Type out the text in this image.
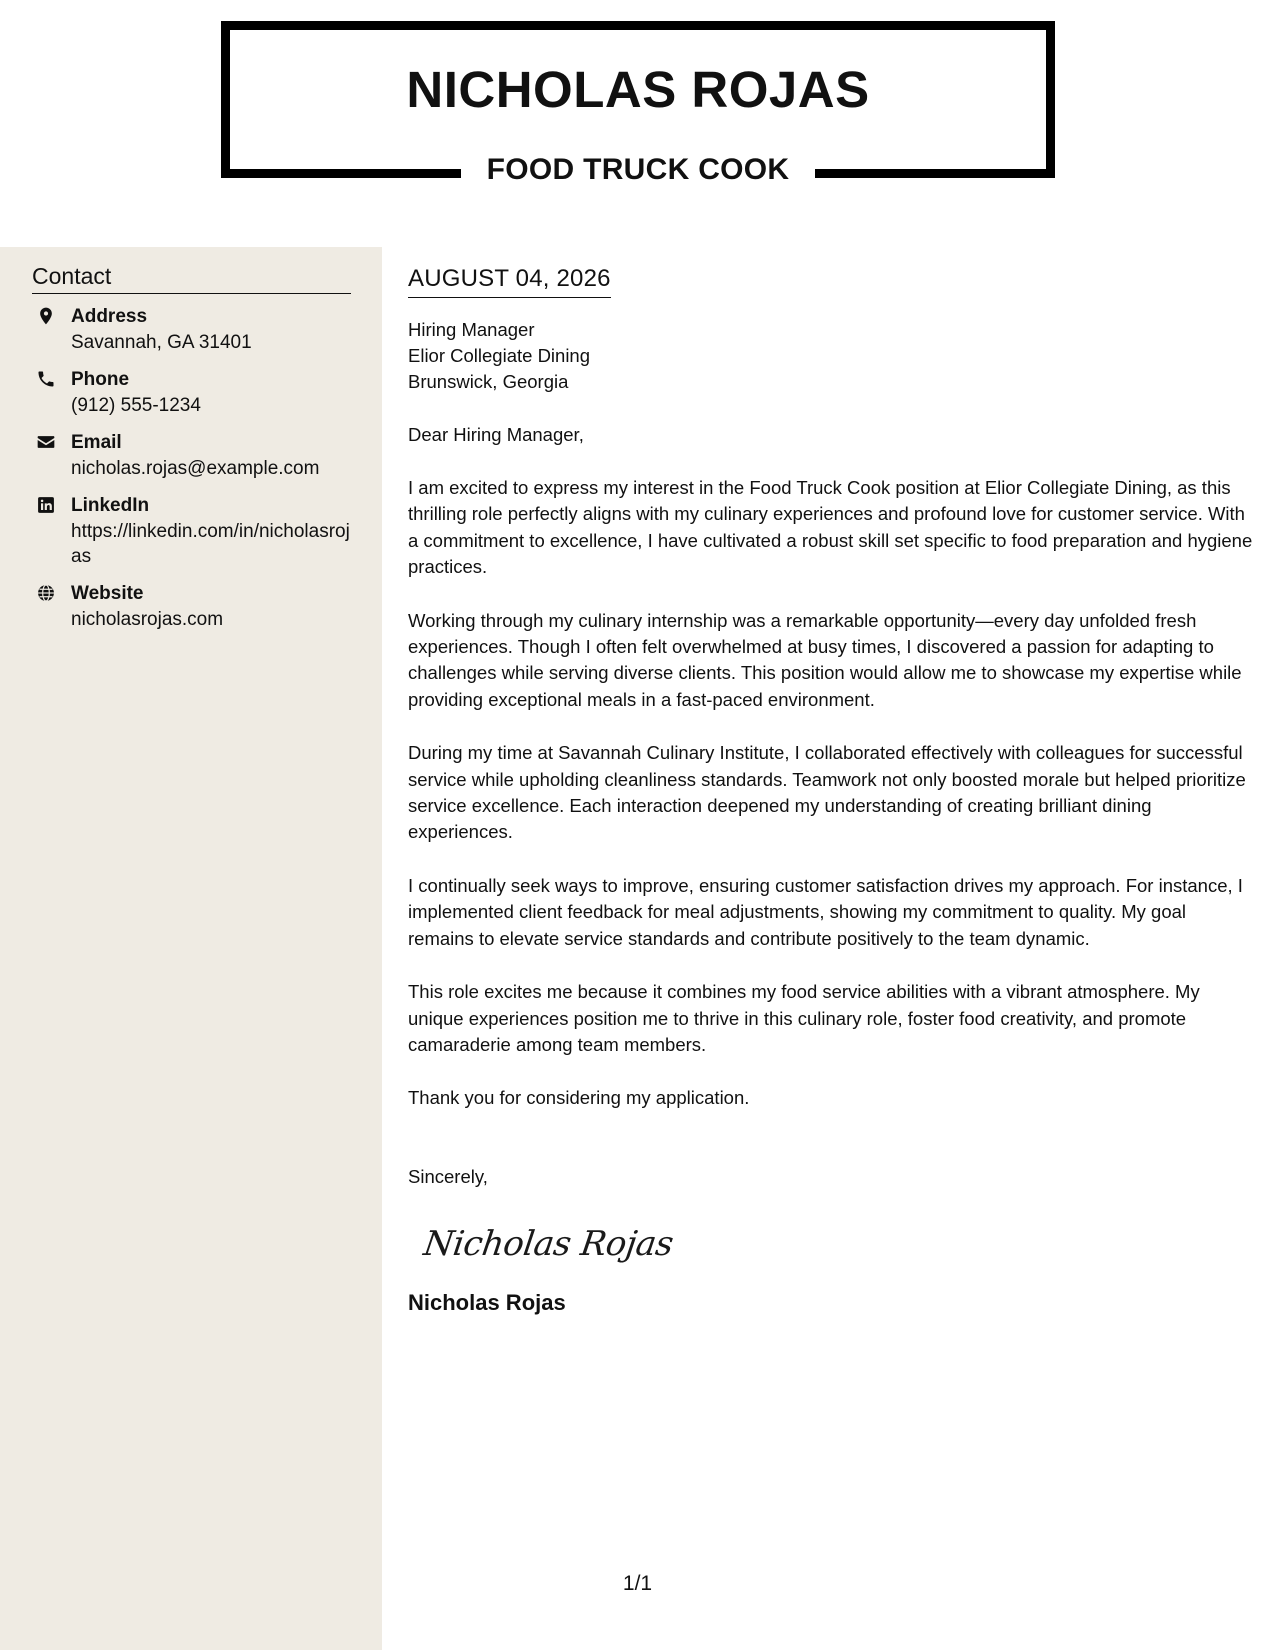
NICHOLAS ROJAS
FOOD TRUCK COOK
Contact
Address
Savannah, GA 31401
Phone
(912) 555-1234
Email
nicholas.rojas@example.com
LinkedIn
https://linkedin.com/in/nicholasrojas
Website
nicholasrojas.com
AUGUST 04, 2026
Hiring Manager
Elior Collegiate Dining
Brunswick, Georgia
Dear Hiring Manager,

I am excited to express my interest in the Food Truck Cook position at Elior Collegiate Dining, as this thrilling role perfectly aligns with my culinary experiences and profound love for customer service. With a commitment to excellence, I have cultivated a robust skill set specific to food preparation and hygiene practices.

Working through my culinary internship was a remarkable opportunity—every day unfolded fresh experiences. Though I often felt overwhelmed at busy times, I discovered a passion for adapting to challenges while serving diverse clients. This position would allow me to showcase my expertise while providing exceptional meals in a fast-paced environment.

During my time at Savannah Culinary Institute, I collaborated effectively with colleagues for successful service while upholding cleanliness standards. Teamwork not only boosted morale but helped prioritize service excellence. Each interaction deepened my understanding of creating brilliant dining experiences.

I continually seek ways to improve, ensuring customer satisfaction drives my approach. For instance, I implemented client feedback for meal adjustments, showing my commitment to quality. My goal remains to elevate service standards and contribute positively to the team dynamic.

This role excites me because it combines my food service abilities with a vibrant atmosphere. My unique experiences position me to thrive in this culinary role, foster food creativity, and promote camaraderie among team members.

Thank you for considering my application.

Sincerely,
Nicholas Rojas
Nicholas Rojas
1/1
